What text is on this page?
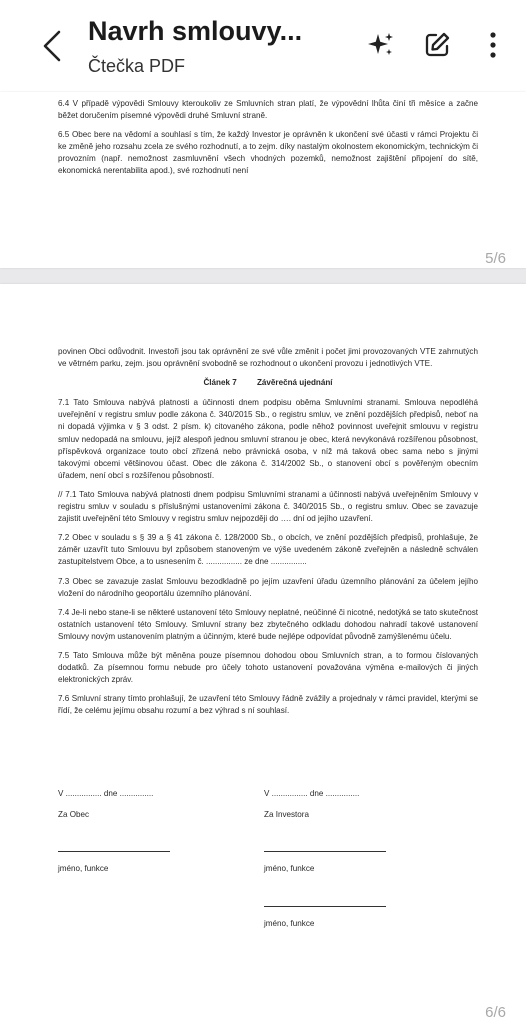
Navrh smlouvy...
Čtečka PDF

6.4 V případě výpovědi Smlouvy kteroukoliv ze Smluvních stran platí, že výpovědní lhůta činí tři měsíce a začne běžet doručením písemné výpovědi druhé Smluvní straně.

6.5 Obec bere na vědomí a souhlasí s tím, že každý Investor je oprávněn k ukončení své účasti v rámci Projektu či ke změně jeho rozsahu zcela ze svého rozhodnutí, a to zejm. díky nastalým okolnostem ekonomickým, technickým či provozním (např. nemožnost zasmluvnění všech vhodných pozemků, nemožnost zajištění připojení do sítě, ekonomická nerentabilita apod.), své rozhodnutí není

5/6

povinen Obci odůvodnit. Investoři jsou tak oprávnění ze své vůle změnit i počet jimi provozovaných VTE zahrnutých ve větrném parku, zejm. jsou oprávnění svobodně se rozhodnout o ukončení provozu i jednotlivých VTE.

Článek 7	Závěrečná ujednání

7.1 Tato Smlouva nabývá platnosti a účinnosti dnem podpisu oběma Smluvními stranami. Smlouva nepodléhá uveřejnění v registru smluv podle zákona č. 340/2015 Sb., o registru smluv, ve znění pozdějších předpisů, neboť na ni dopadá výjimka v § 3 odst. 2 písm. k) citovaného zákona, podle něhož povinnost uveřejnit smlouvu v registru smluv nedopadá na smlouvu, jejíž alespoň jednou smluvní stranou je obec, která nevykonává rozšířenou působnost, příspěvková organizace touto obcí zřízená nebo právnická osoba, v níž má taková obec sama nebo s jinými takovými obcemi většinovou účast. Obec dle zákona č. 314/2002 Sb., o stanovení obcí s pověřeným obecním úřadem, není obcí s rozšířenou působností.

// 7.1 Tato Smlouva nabývá platnosti dnem podpisu Smluvními stranami a účinnosti nabývá uveřejněním Smlouvy v registru smluv v souladu s příslušnými ustanoveními zákona č. 340/2015 Sb., o registru smluv. Obec se zavazuje zajistit uveřejnění této Smlouvy v registru smluv nejpozději do …. dní od jejího uzavření.

7.2 Obec v souladu s § 39 a § 41 zákona č. 128/2000 Sb., o obcích, ve znění pozdějších předpisů, prohlašuje, že záměr uzavřít tuto Smlouvu byl způsobem stanoveným ve výše uvedeném zákoně zveřejněn a následně schválen zastupitelstvem Obce, a to usnesením č. ................ ze dne ................

7.3 Obec se zavazuje zaslat Smlouvu bezodkladně po jejím uzavření úřadu územního plánování za účelem jejího vložení do národního geoportálu územního plánování.

7.4 Je-li nebo stane-li se některé ustanovení této Smlouvy neplatné, neúčinné či nicotné, nedotýká se tato skutečnost ostatních ustanovení této Smlouvy. Smluvní strany bez zbytečného odkladu dohodou nahradí takové ustanovení Smlouvy novým ustanovením platným a účinným, které bude nejlépe odpovídat původně zamýšlenému účelu.

7.5 Tato Smlouva může být měněna pouze písemnou dohodou obou Smluvních stran, a to formou číslovaných dodatků. Za písemnou formu nebude pro účely tohoto ustanovení považována výměna e-mailových či jiných elektronických zpráv.

7.6 Smluvní strany tímto prohlašují, že uzavření této Smlouvy řádně zvážily a projednaly v rámci pravidel, kterými se řídí, že celému jejímu obsahu rozumí a bez výhrad s ní souhlasí.

V ................ dne ...............	V ................ dne ...............
Za Obec	Za Investora
jméno, funkce	jméno, funkce
jméno, funkce
6/6
